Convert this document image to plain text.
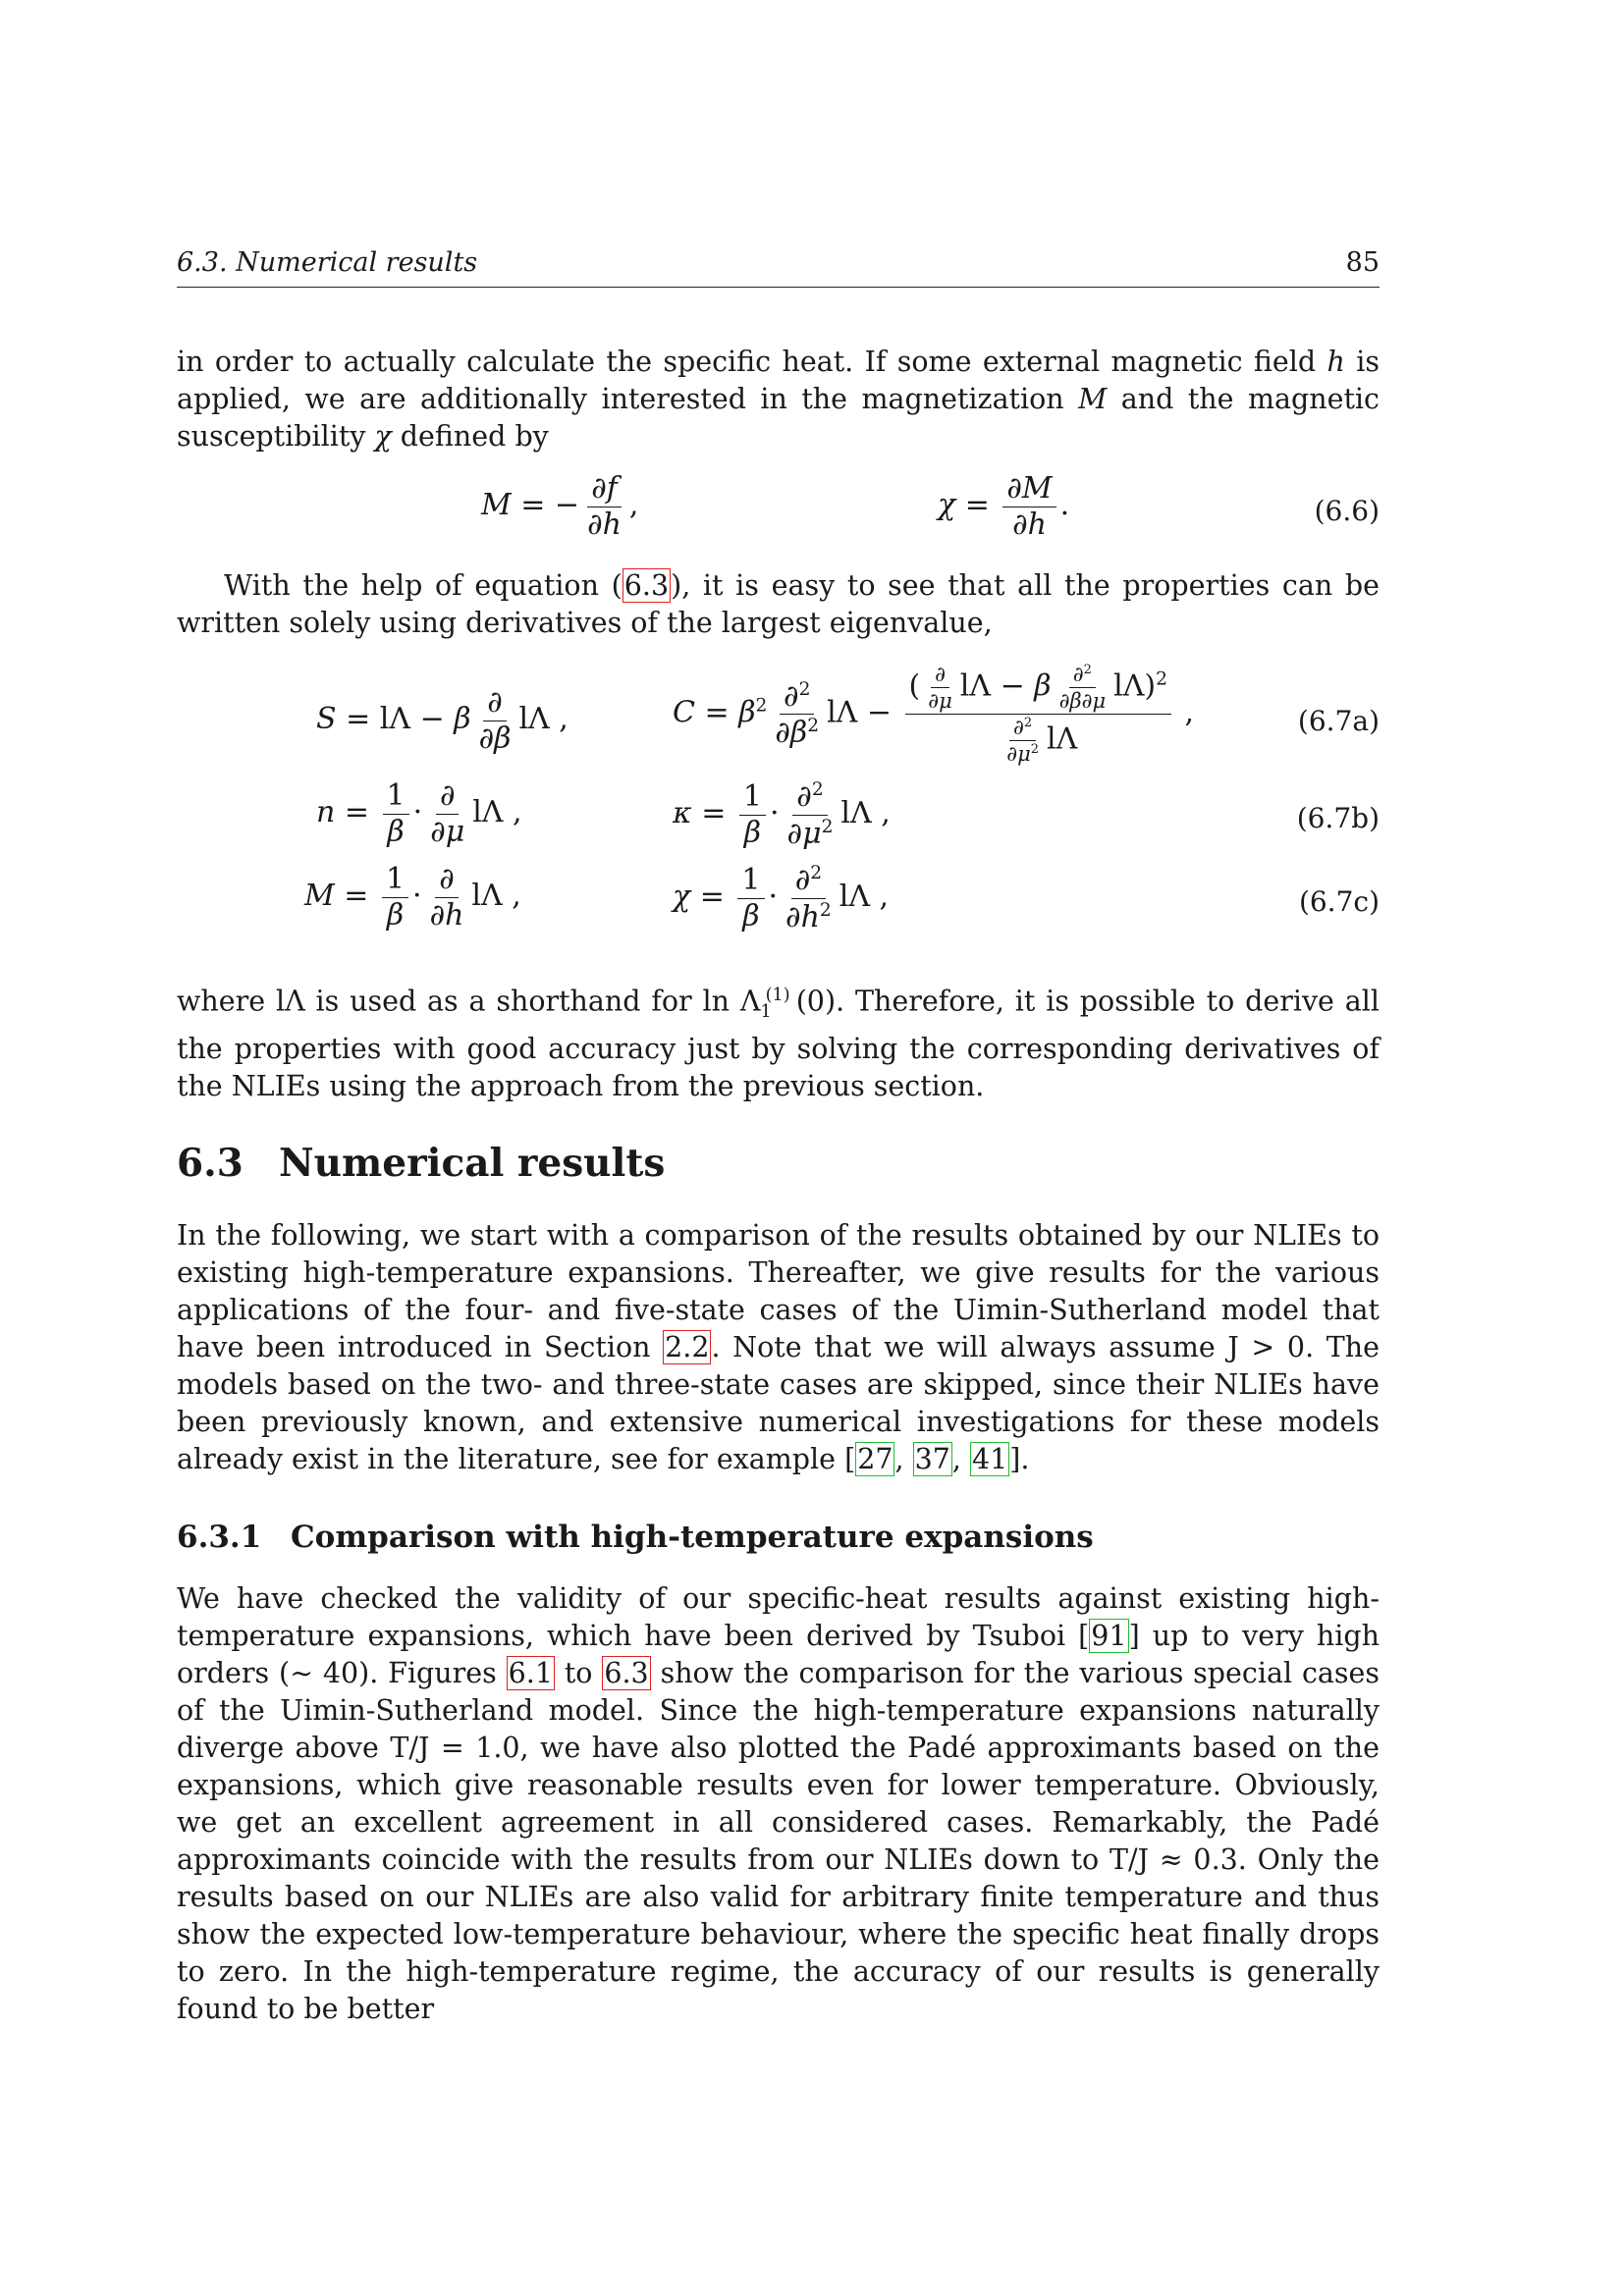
6.3. Numerical results	85
in order to actually calculate the specific heat. If some external magnetic field h is applied, we are additionally interested in the magnetization M and the magnetic susceptibility χ defined by
M = − $\frac{\partial f}{\partial h}$ ,	$\chi = \frac{\partial M}{\partial h}$ .	(6.6)
With the help of equation (6.3), it is easy to see that all the properties can be written solely using derivatives of the largest eigenvalue,
S = lΛ − β $\frac{\partial}{\partial\beta}$ lΛ ,	$C = \beta^2 \frac{\partial^2}{\partial\beta^2}$ $l\Lambda - \frac{( \frac{\partial}{\partial\mu} l\Lambda - \beta \frac{\partial^2}{\partial\beta\partial\mu} l\Lambda)^2}{\frac{\partial^2}{\partial\mu^2} l\Lambda}$ ,	(6.7a)
$n = \frac{1}{\beta} \cdot \frac{\partial}{\partial\mu}$ lΛ ,	$\kappa = \frac{1}{\beta} \cdot \frac{\partial^2}{\partial\mu^2}$ lΛ ,	(6.7b)
$M = \frac{1}{\beta} \cdot \frac{\partial}{\partial h}$ lΛ ,	$\chi = \frac{1}{\beta} \cdot \frac{\partial^2}{\partial h^2}$ lΛ ,	(6.7c)
where lΛ is used as a shorthand for $\ln \Lambda_1^{(1)}$ (0). Therefore, it is possible to derive all the properties with good accuracy just by solving the corresponding derivatives of the NLIEs using the approach from the previous section.
6.3 Numerical results
In the following, we start with a comparison of the results obtained by our NLIEs to existing high-temperature expansions. Thereafter, we give results for the various applications of the four- and five-state cases of the Uimin-Sutherland model that have been introduced in Section 2.2. Note that we will always assume J > 0. The models based on the two- and three-state cases are skipped, since their NLIEs have been previously known, and extensive numerical investigations for these models already exist in the literature, see for example [27, 37, 41].
6.3.1 Comparison with high-temperature expansions
We have checked the validity of our specific-heat results against existing high-temperature expansions, which have been derived by Tsuboi [91] up to very high orders (∼ 40). Figures 6.1 to 6.3 show the comparison for the various special cases of the Uimin-Sutherland model. Since the high-temperature expansions naturally diverge above T/J = 1.0, we have also plotted the Padé approximants based on the expansions, which give reasonable results even for lower temperature. Obviously, we get an excellent agreement in all considered cases. Remarkably, the Padé approximants coincide with the results from our NLIEs down to T/J ≈ 0.3. Only the results based on our NLIEs are also valid for arbitrary finite temperature and thus show the expected low-temperature behaviour, where the specific heat finally drops to zero. In the high-temperature regime, the accuracy of our results is generally found to be better
